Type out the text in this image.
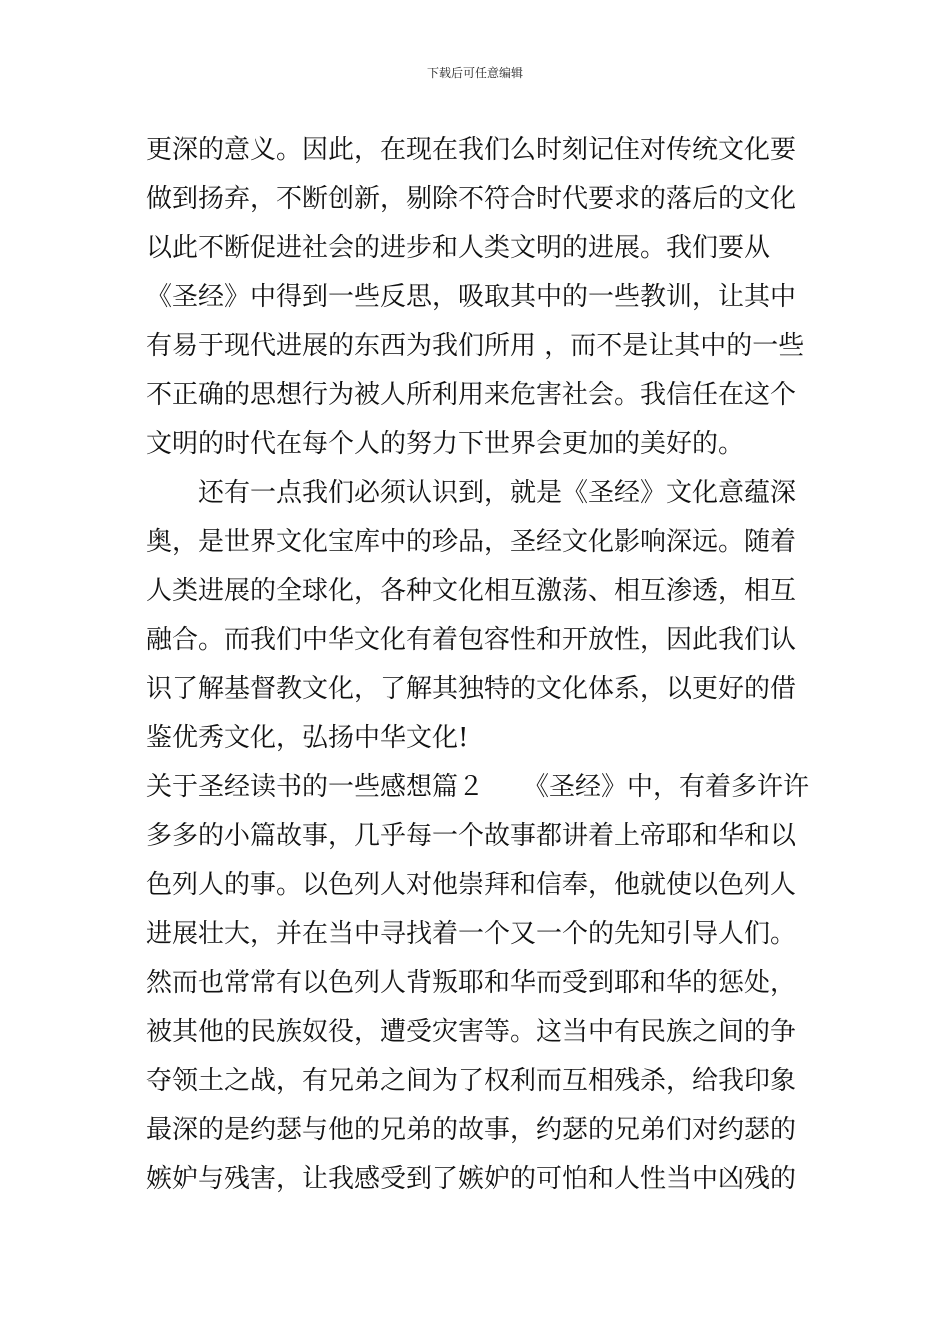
下载后可任意编辑
更深的意义。因此，在现在我们么时刻记住对传统文化要
做到扬弃，不断创新，剔除不符合时代要求的落后的文化
以此不断促进社会的进步和人类文明的进展。我们要从
《圣经》中得到一些反思，吸取其中的一些教训，让其中
有易于现代进展的东西为我们所用 ，而不是让其中的一些
不正确的思想行为被人所利用来危害社会。我信任在这个
文明的时代在每个人的努力下世界会更加的美好的。
还有一点我们必须认识到，就是《圣经》文化意蕴深
奥，是世界文化宝库中的珍品，圣经文化影响深远。随着
人类进展的全球化，各种文化相互激荡、相互渗透，相互
融合。而我们中华文化有着包容性和开放性，因此我们认
识了解基督教文化，了解其独特的文化体系，以更好的借
鉴优秀文化，弘扬中华文化!
关于圣经读书的一些感想篇２　　《圣经》中，有着多许许
多多的小篇故事，几乎每一个故事都讲着上帝耶和华和以
色列人的事。以色列人对他崇拜和信奉，他就使以色列人
进展壮大，并在当中寻找着一个又一个的先知引导人们。
然而也常常有以色列人背叛耶和华而受到耶和华的惩处，
被其他的民族奴役，遭受灾害等。这当中有民族之间的争
夺领土之战，有兄弟之间为了权利而互相残杀，给我印象
最深的是约瑟与他的兄弟的故事，约瑟的兄弟们对约瑟的
嫉妒与残害，让我感受到了嫉妒的可怕和人性当中凶残的
